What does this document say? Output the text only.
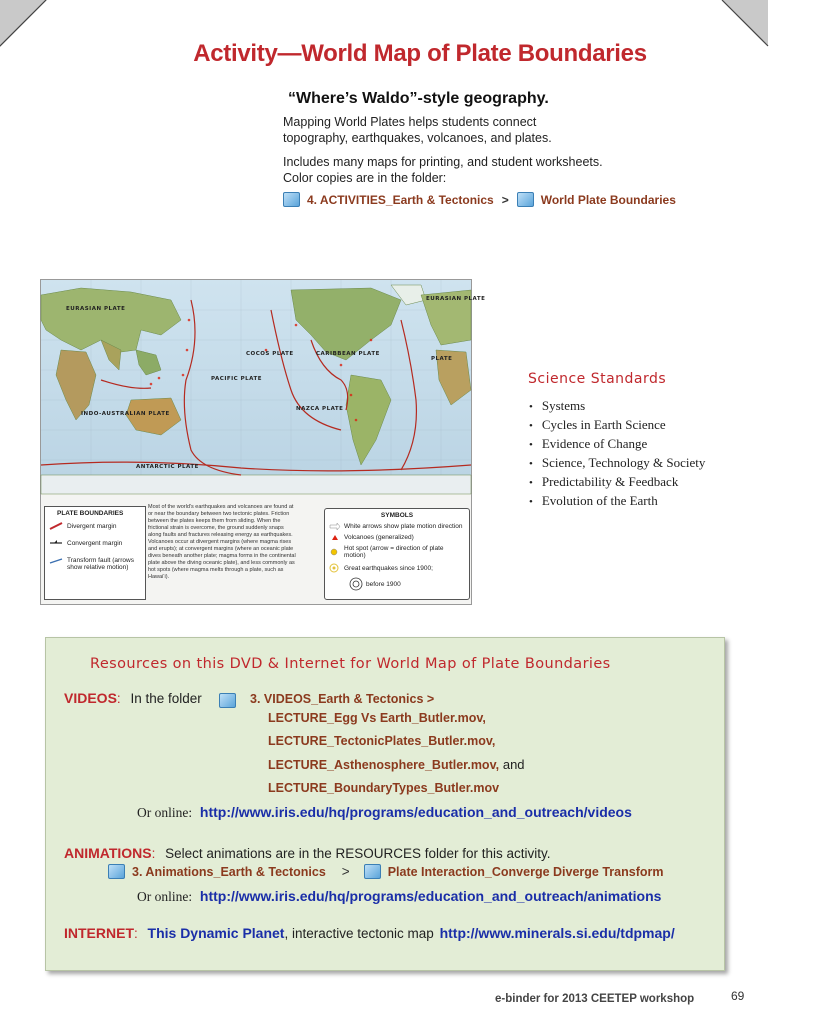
Activity—World Map of Plate Boundaries
“Where’s Waldo”-style geography.
Mapping World Plates helps students connect
topography, earthquakes, volcanoes, and plates.
Includes many maps for printing, and student worksheets.
Color copies are in the folder:
4. ACTIVITIES_Earth & Tectonics >	World Plate Boundaries
EURASIAN PLATE
PACIFIC PLATE
INDO-AUSTRALIAN PLATE
ANTARCTIC PLATE
NAZCA PLATE
COCOS PLATE	CARIBBEAN PLATE
EURASIAN PLATE
PLATE
PLATE BOUNDARIES
Divergent margin
Convergent margin
Transform fault (arrows show relative motion)
Most of the world’s earthquakes and volcanoes are found at or near the boundary between two tectonic plates. Friction between the plates keeps them from sliding. When the frictional strain is overcome, the ground suddenly snaps along faults and fractures releasing energy as earthquakes. Volcanoes occur at divergent margins (where magma rises and erupts); at convergent margins (where an oceanic plate dives beneath another plate; magma forms in the continental plate above the diving oceanic plate), and less commonly as hot spots (where magma melts through a plate, such as Hawai‘i).
SYMBOLS
White arrows show plate motion direction
Volcanoes (generalized)
Hot spot (arrow = direction of plate motion)
Great earthquakes since 1900;
before 1900
Science Standards
• Systems
• Cycles in Earth Science
• Evidence of Change
• Science, Technology & Society
• Predictability & Feedback
• Evolution of the Earth
Resources on this DVD & Internet for World Map of Plate Boundaries
VIDEOS: In the folder	3. VIDEOS_Earth & Tectonics >
LECTURE_Egg Vs Earth_Butler.mov,
LECTURE_TectonicPlates_Butler.mov,
LECTURE_Asthenosphere_Butler.mov, and
LECTURE_BoundaryTypes_Butler.mov
Or online: http://www.iris.edu/hq/programs/education_and_outreach/videos
ANIMATIONS: Select animations are in the RESOURCES folder for this activity.
3. Animations_Earth & Tectonics >	Plate Interaction_Converge Diverge Transform
Or online: http://www.iris.edu/hq/programs/education_and_outreach/animations
INTERNET: This Dynamic Planet, interactive tectonic map http://www.minerals.si.edu/tdpmap/
e-binder for 2013 CEETEP workshop	69
